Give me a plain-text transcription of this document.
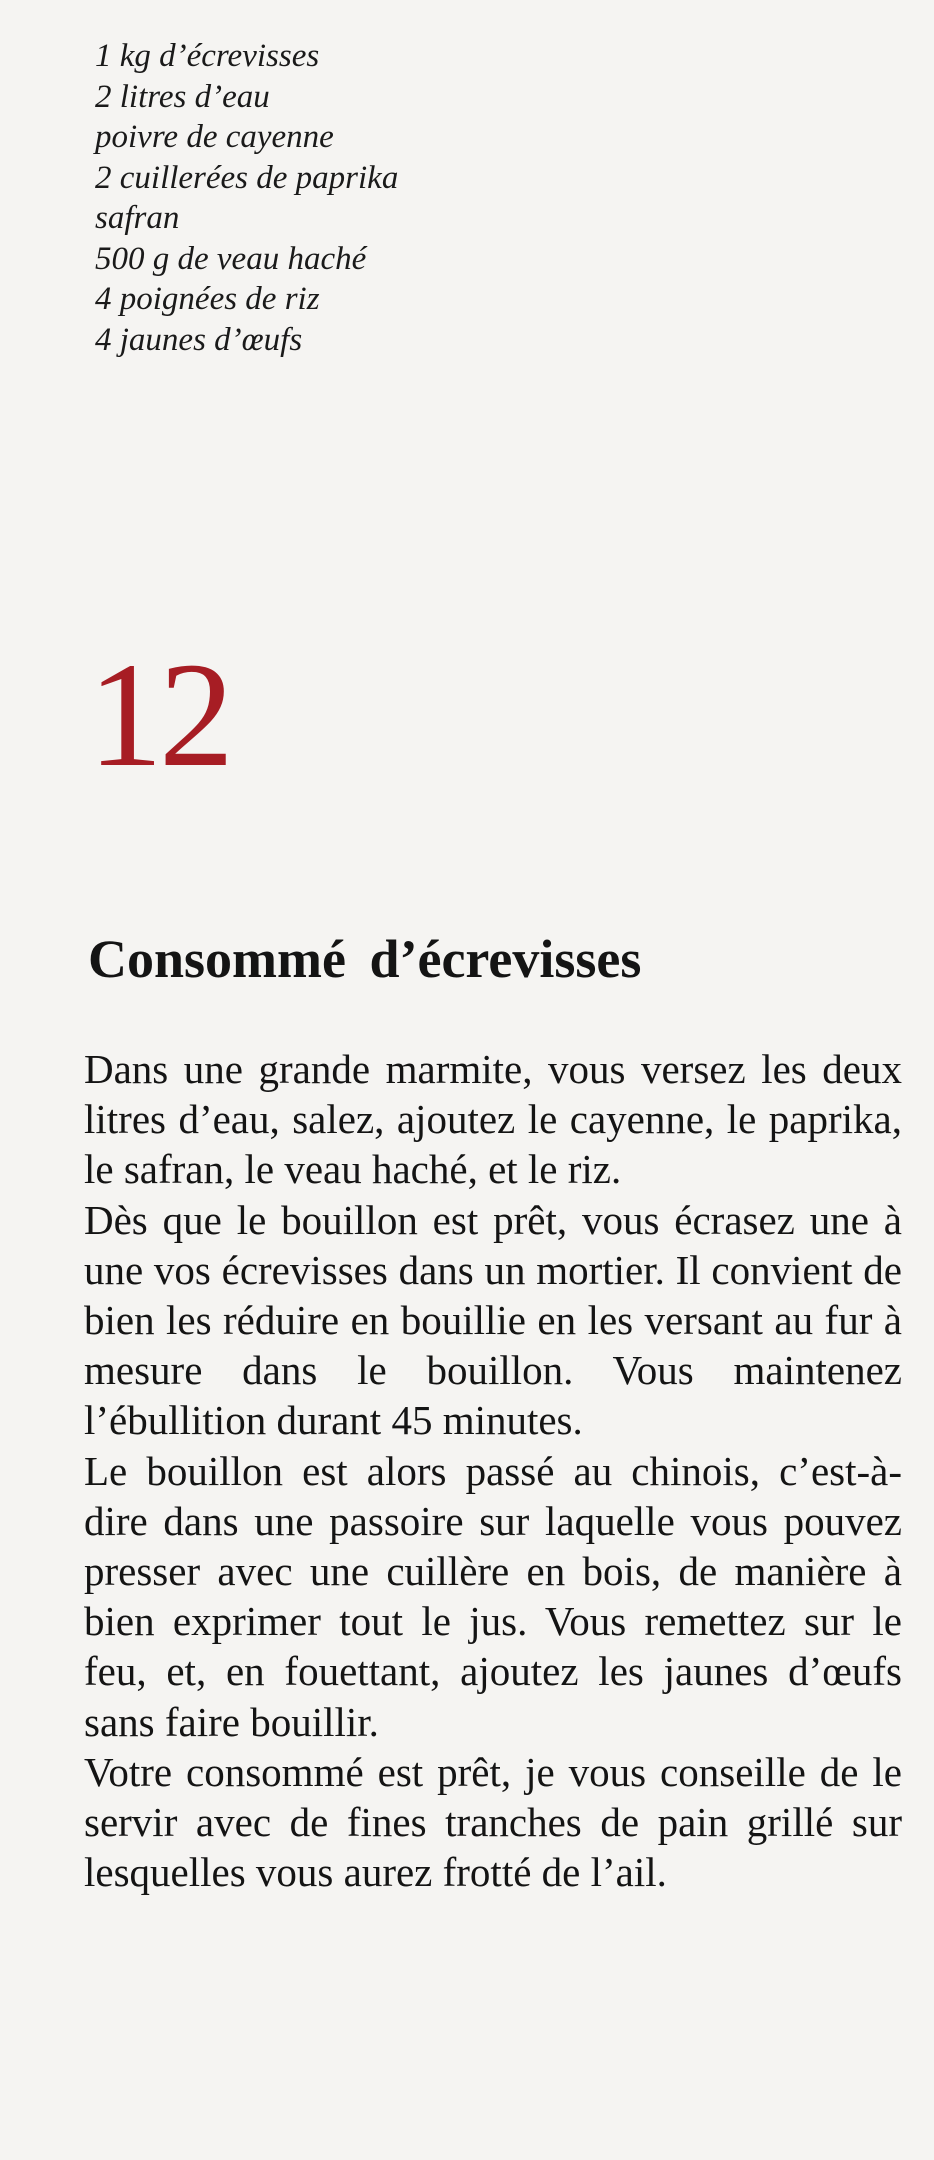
1 kg d’écrevisses
2 litres d’eau
poivre de cayenne
2 cuillerées de paprika
safran
500 g de veau haché
4 poignées de riz
4 jaunes d’œufs
12
Consommé d’écrevisses

Dans une grande marmite, vous versez les deux litres d’eau, salez, ajoutez le cayenne, le paprika, le safran, le veau haché, et le riz.

Dès que le bouillon est prêt, vous écrasez une à une vos écrevisses dans un mortier. Il convient de bien les réduire en bouillie en les versant au fur à mesure dans le bouillon. Vous maintenez l’ébullition durant 45 minutes.

Le bouillon est alors passé au chinois, c’est-à-dire dans une passoire sur laquelle vous pouvez presser avec une cuillère en bois, de manière à bien exprimer tout le jus. Vous remettez sur le feu, et, en fouettant, ajoutez les jaunes d’œufs sans faire bouillir.

Votre consommé est prêt, je vous conseille de le servir avec de fines tranches de pain grillé sur lesquelles vous aurez frotté de l’ail.
